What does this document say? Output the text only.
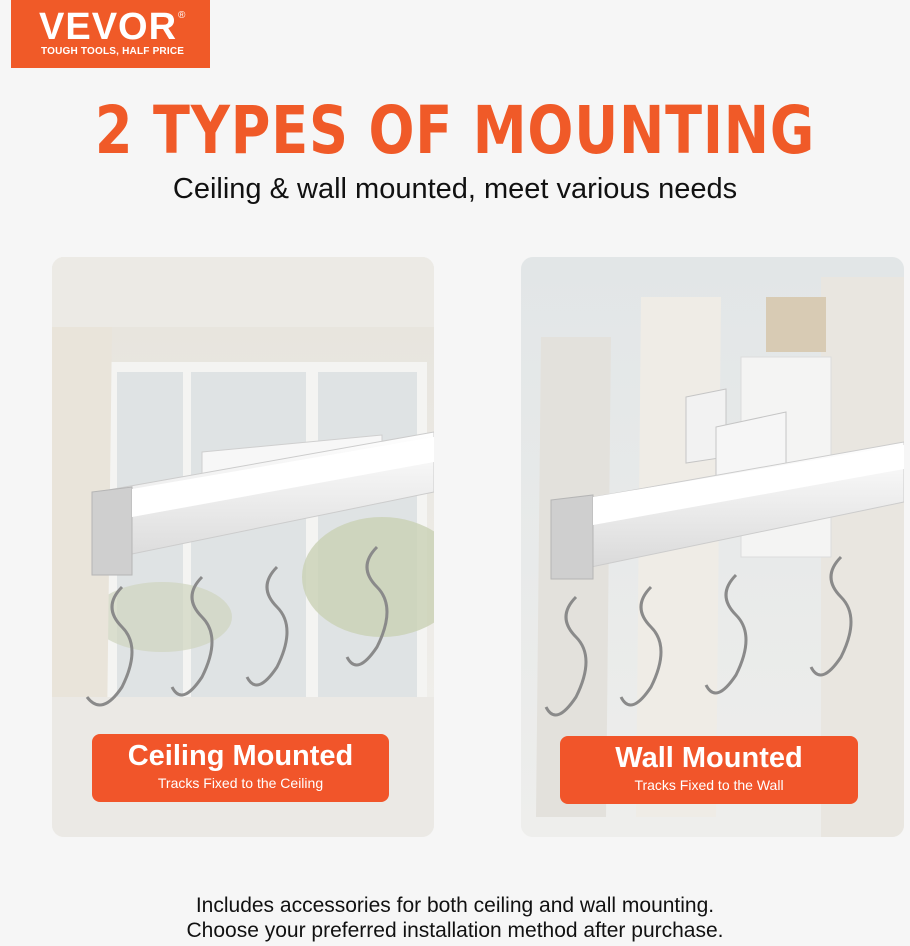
VEVOR ®
TOUGH TOOLS, HALF PRICE
2 TYPES OF MOUNTING
Ceiling & wall mounted, meet various needs
Ceiling Mounted
Tracks Fixed to the Ceiling
Wall Mounted
Tracks Fixed to the Wall
Includes accessories for both ceiling and wall mounting.
Choose your preferred installation method after purchase.
